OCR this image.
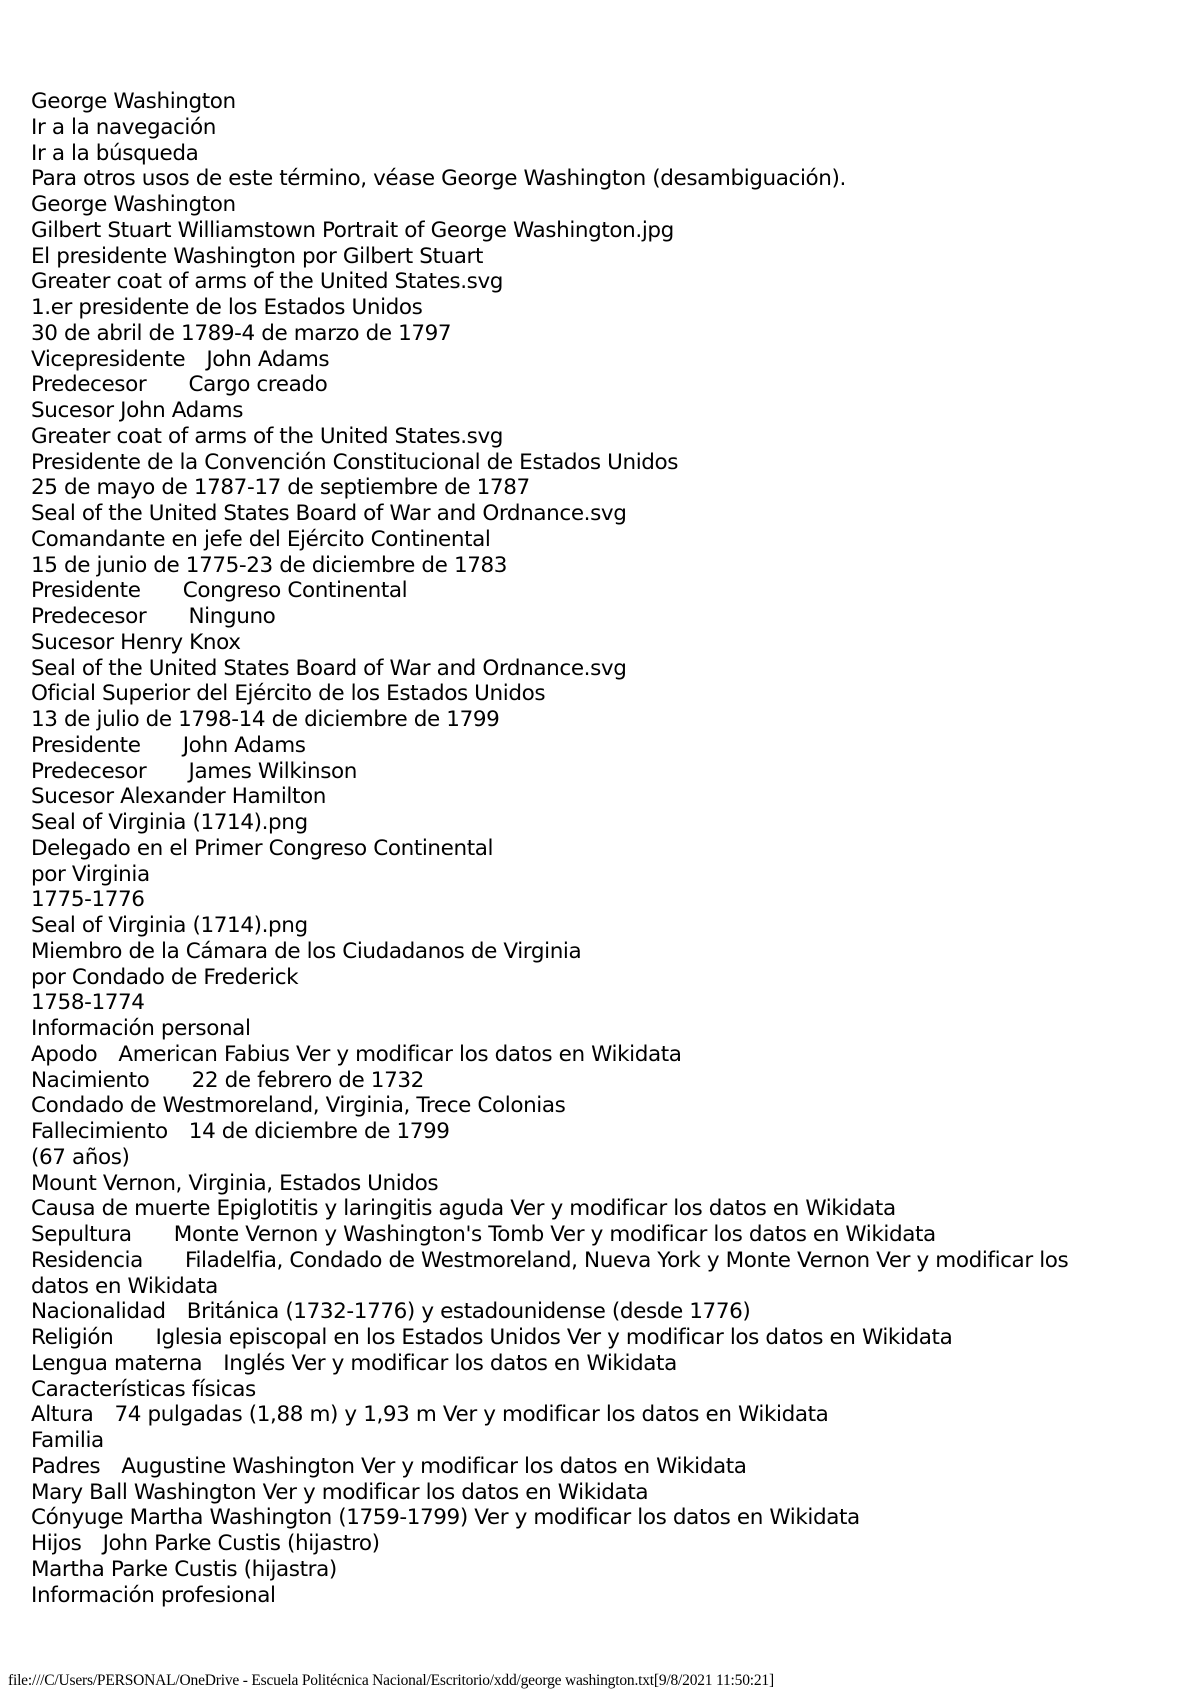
George Washington
Ir a la navegación
Ir a la búsqueda
Para otros usos de este término, véase George Washington (desambiguación).
George Washington
Gilbert Stuart Williamstown Portrait of George Washington.jpg
El presidente Washington por Gilbert Stuart
Greater coat of arms of the United States.svg
1.er presidente de los Estados Unidos
30 de abril de 1789-4 de marzo de 1797
Vicepresidente John Adams
Predecesor  Cargo creado
Sucesor John Adams
Greater coat of arms of the United States.svg
Presidente de la Convención Constitucional de Estados Unidos
25 de mayo de 1787-17 de septiembre de 1787
Seal of the United States Board of War and Ordnance.svg
Comandante en jefe del Ejército Continental
15 de junio de 1775-23 de diciembre de 1783
Presidente  Congreso Continental
Predecesor  Ninguno
Sucesor Henry Knox
Seal of the United States Board of War and Ordnance.svg
Oficial Superior del Ejército de los Estados Unidos
13 de julio de 1798-14 de diciembre de 1799
Presidente  John Adams
Predecesor  James Wilkinson
Sucesor Alexander Hamilton
Seal of Virginia (1714).png
Delegado en el Primer Congreso Continental
por Virginia
1775-1776
Seal of Virginia (1714).png
Miembro de la Cámara de los Ciudadanos de Virginia
por Condado de Frederick
1758-1774
Información personal
Apodo American Fabius Ver y modificar los datos en Wikidata
Nacimiento  22 de febrero de 1732
Condado de Westmoreland, Virginia, Trece Colonias
Fallecimiento 14 de diciembre de 1799
(67 años)
Mount Vernon, Virginia, Estados Unidos
Causa de muerte Epiglotitis y laringitis aguda Ver y modificar los datos en Wikidata
Sepultura  Monte Vernon y Washington's Tomb Ver y modificar los datos en Wikidata
Residencia  Filadelfia, Condado de Westmoreland, Nueva York y Monte Vernon Ver y modificar los
datos en Wikidata
Nacionalidad Británica (1732-1776) y estadounidense (desde 1776)
Religión  Iglesia episcopal en los Estados Unidos Ver y modificar los datos en Wikidata
Lengua materna Inglés Ver y modificar los datos en Wikidata
Características físicas
Altura 74 pulgadas (1,88 m) y 1,93 m Ver y modificar los datos en Wikidata
Familia
Padres Augustine Washington Ver y modificar los datos en Wikidata
Mary Ball Washington Ver y modificar los datos en Wikidata
Cónyuge Martha Washington (1759-1799) Ver y modificar los datos en Wikidata
Hijos John Parke Custis (hijastro)
Martha Parke Custis (hijastra)
Información profesional
file:///C/Users/PERSONAL/OneDrive - Escuela Politécnica Nacional/Escritorio/xdd/george washington.txt[9/8/2021 11:50:21]
